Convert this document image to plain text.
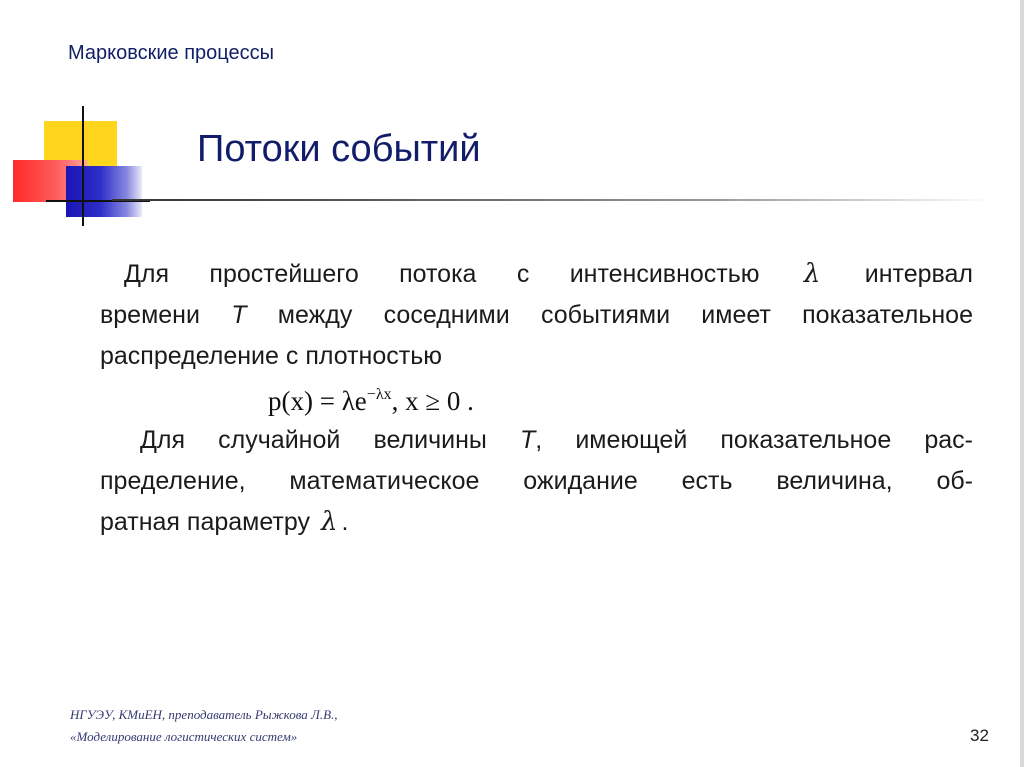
Марковские процессы
Потоки событий
Для простейшего потока с интенсивностью λ интервал
времени T между соседними событиями имеет показательное
распределение с плотностью
$p(x) = \lambda e^{-\lambda x}$, x ≥ 0 .
Для случайной величины T, имеющей показательное рас-
пределение, математическое ожидание есть величина, об-
ратная параметру λ .
НГУЭУ, КМиЕН, преподаватель Рыжкова Л.В.,
«Моделирование логистических систем»	32
